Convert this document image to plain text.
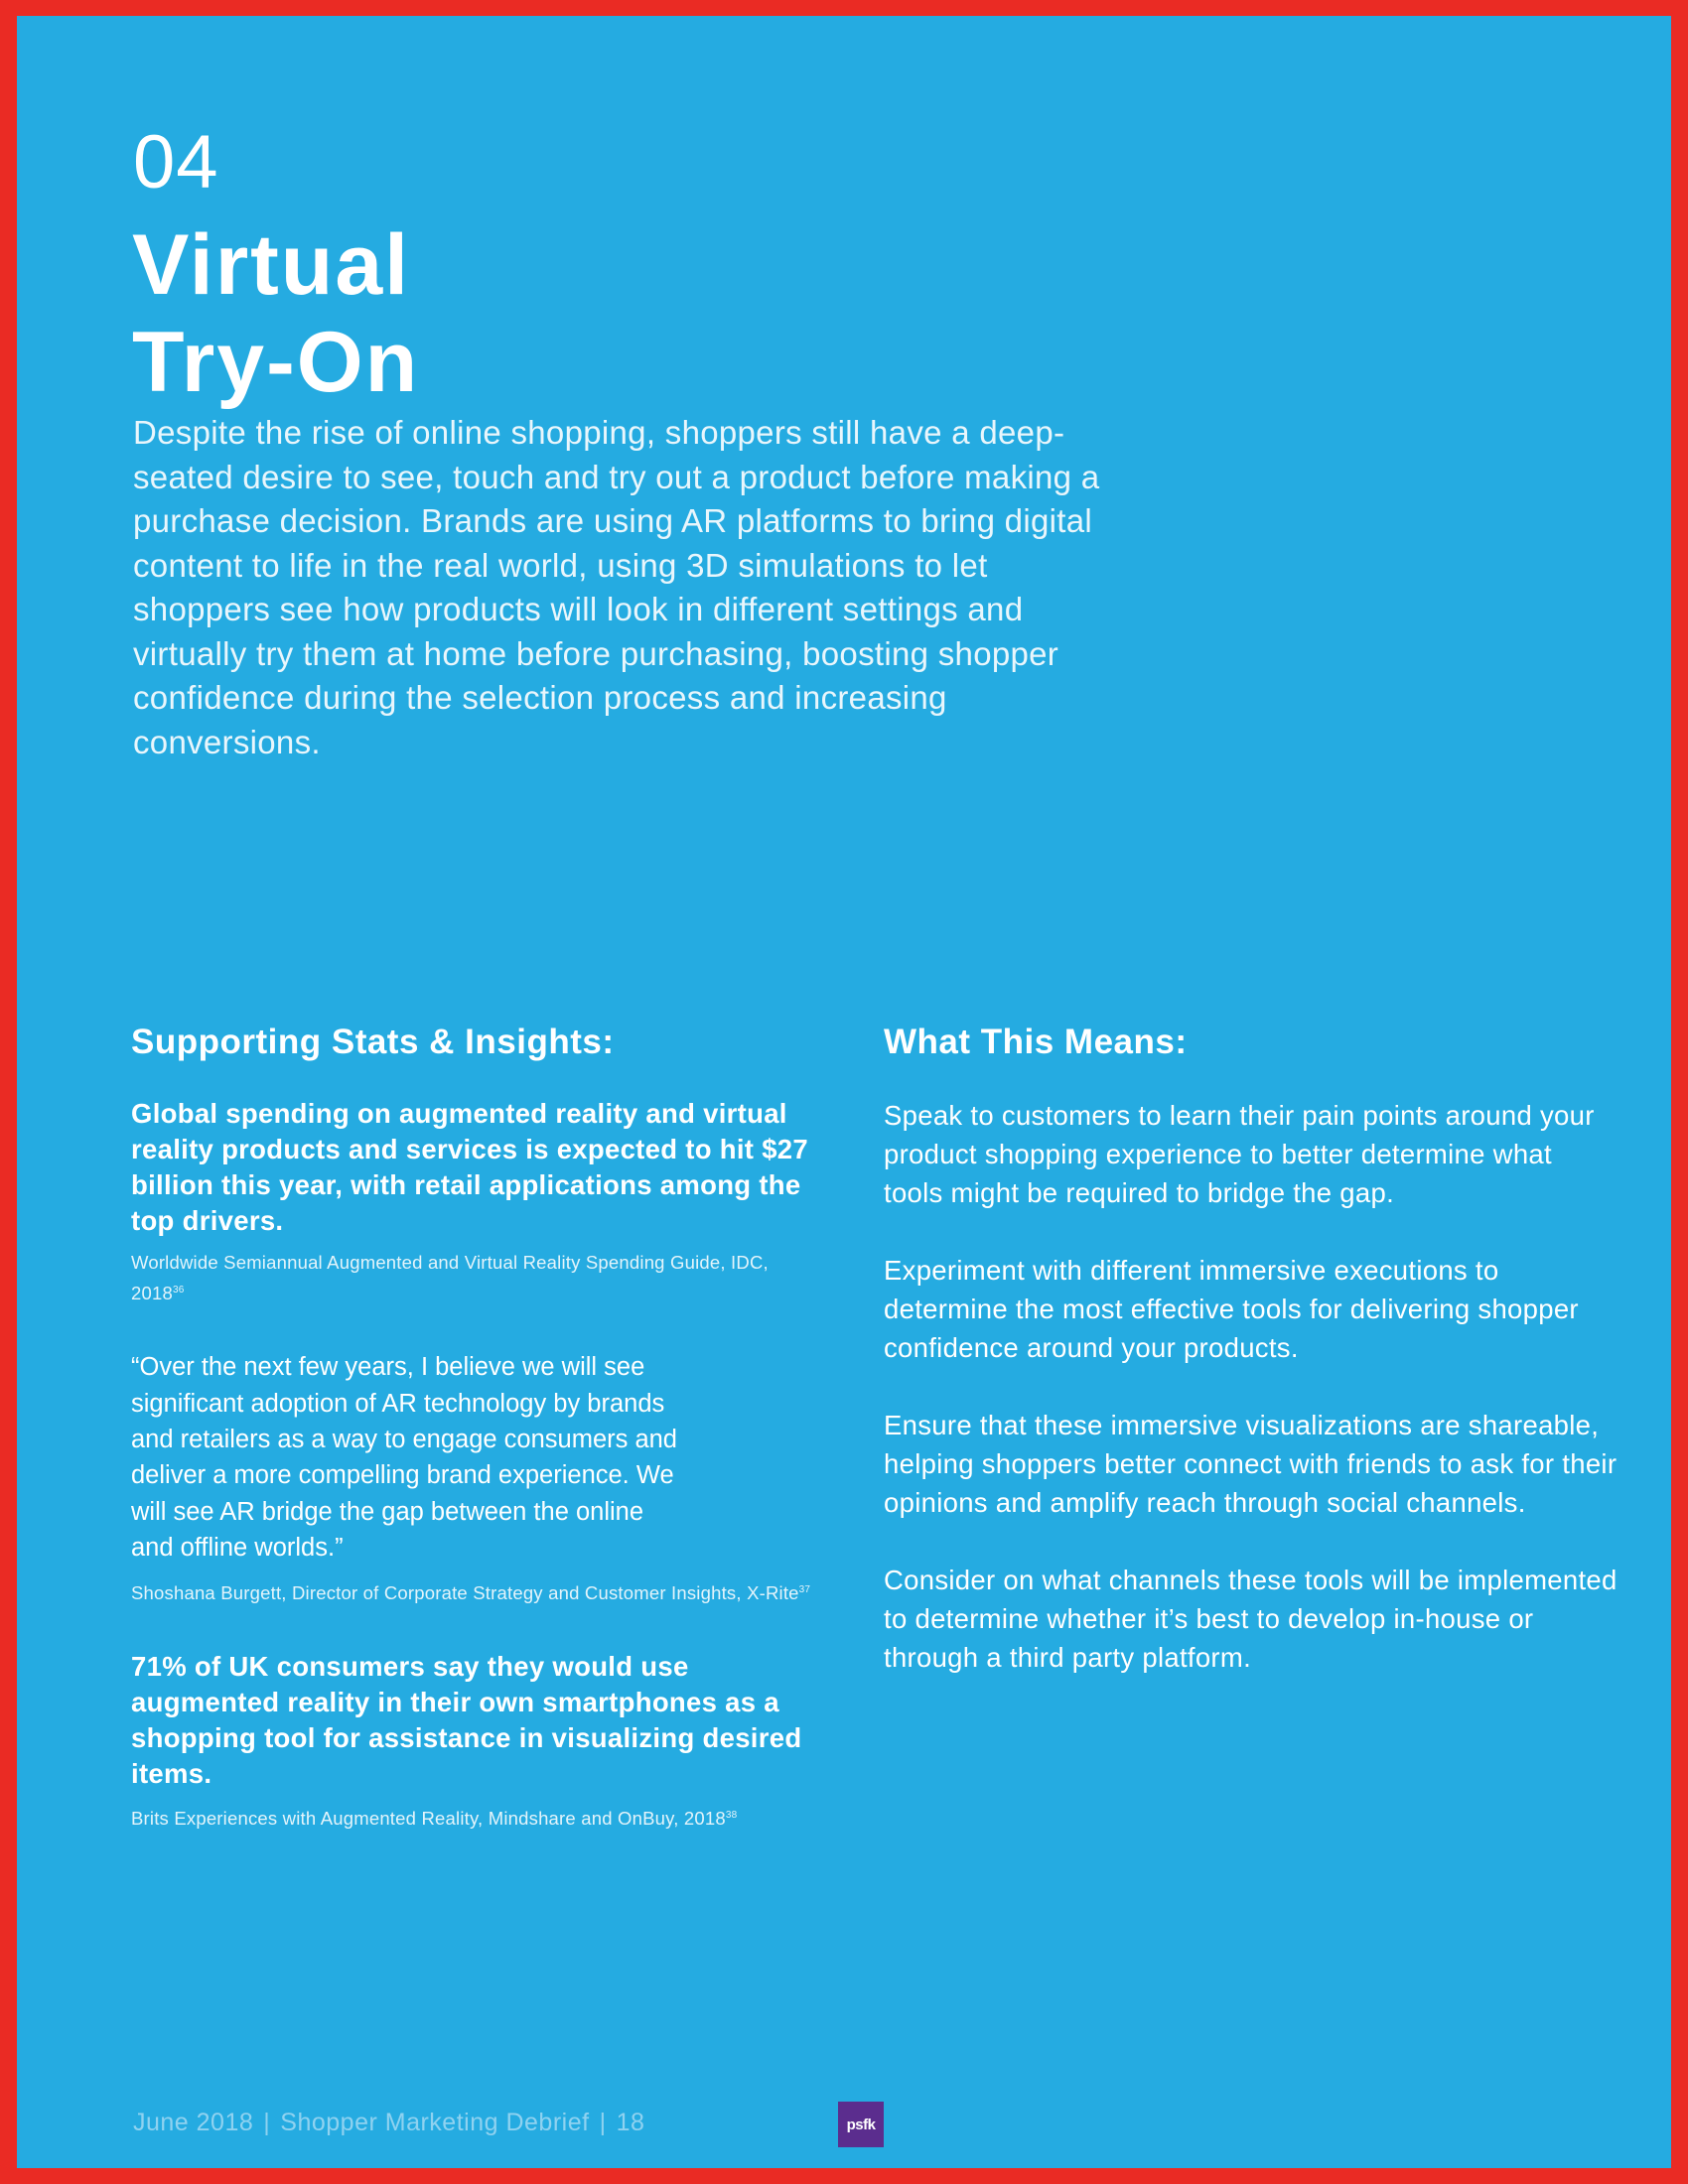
04
Virtual
Try-On

Despite the rise of online shopping, shoppers still have a deep-seated desire to see, touch and try out a product before making a purchase decision. Brands are using AR platforms to bring digital content to life in the real world, using 3D simulations to let shoppers see how products will look in different settings and virtually try them at home before purchasing, boosting shopper confidence during the selection process and increasing conversions.

Supporting Stats & Insights:

Global spending on augmented reality and virtual reality products and services is expected to hit $27 billion this year, with retail applications among the top drivers.

Worldwide Semiannual Augmented and Virtual Reality Spending Guide, IDC, 2018$^{36}$

“Over the next few years, I believe we will see significant adoption of AR technology by brands and retailers as a way to engage consumers and deliver a more compelling brand experience. We will see AR bridge the gap between the online and offline worlds.”

Shoshana Burgett, Director of Corporate Strategy and Customer Insights, X-Rite$^{37}$

71% of UK consumers say they would use augmented reality in their own smartphones as a shopping tool for assistance in visualizing desired items.

Brits Experiences with Augmented Reality, Mindshare and OnBuy, 2018$^{38}$

What This Means:

Speak to customers to learn their pain points around your product shopping experience to better determine what tools might be required to bridge the gap.

Experiment with different immersive executions to determine the most effective tools for delivering shopper confidence around your products.

Ensure that these immersive visualizations are shareable, helping shoppers better connect with friends to ask for their opinions and amplify reach through social channels.

Consider on what channels these tools will be implemented to determine whether it’s best to develop in-house or through a third party platform.

June 2018 | Shopper Marketing Debrief | 18	psfk
